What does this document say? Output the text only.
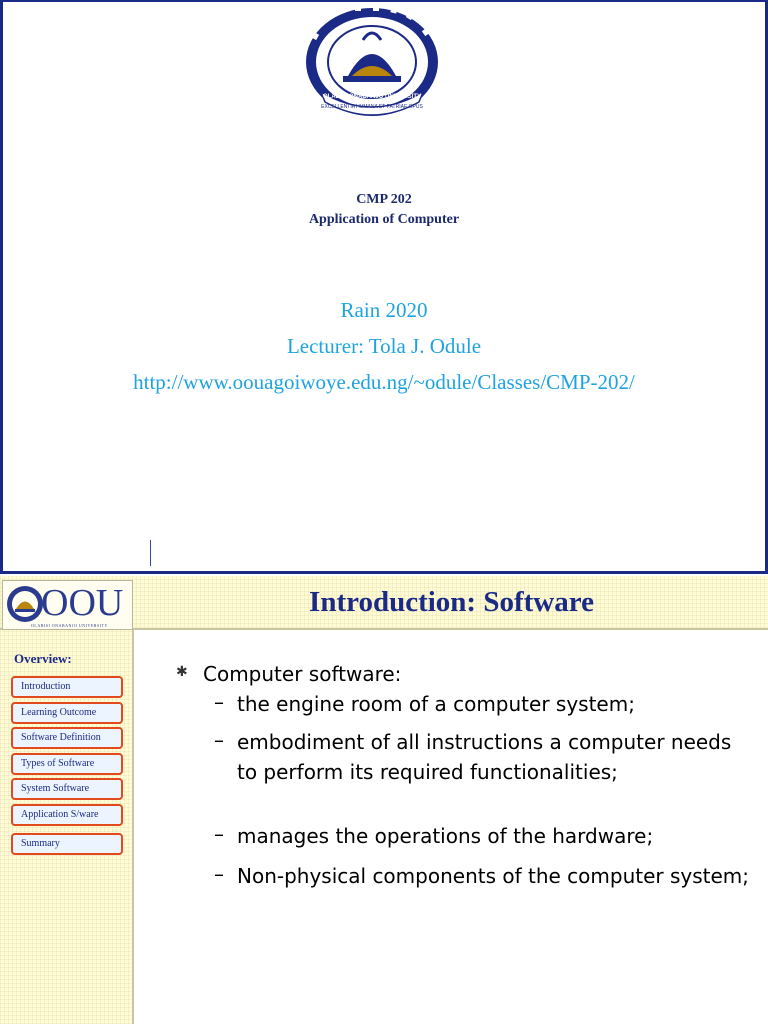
EXCELLENTIA HUMANA ET PATRIAE OPUS
OLABISI ONABANJO UNIVERSITY
CMP 202
Application of Computer
Rain 2020
Lecturer: Tola J. Odule
http://www.oouagoiwoye.edu.ng/~odule/Classes/CMP-202/
OOU
OLABISI ONABANJO UNIVERSITY
Introduction: Software
Overview:
Introduction
Learning Outcome
Software Definition
Types of Software
System Software
Application S/ware
Summary
✱ Computer software:
– the engine room of a computer system;
– embodiment of all instructions a computer needs to perform its required functionalities;
– manages the operations of the hardware;
– Non-physical components of the computer system;
